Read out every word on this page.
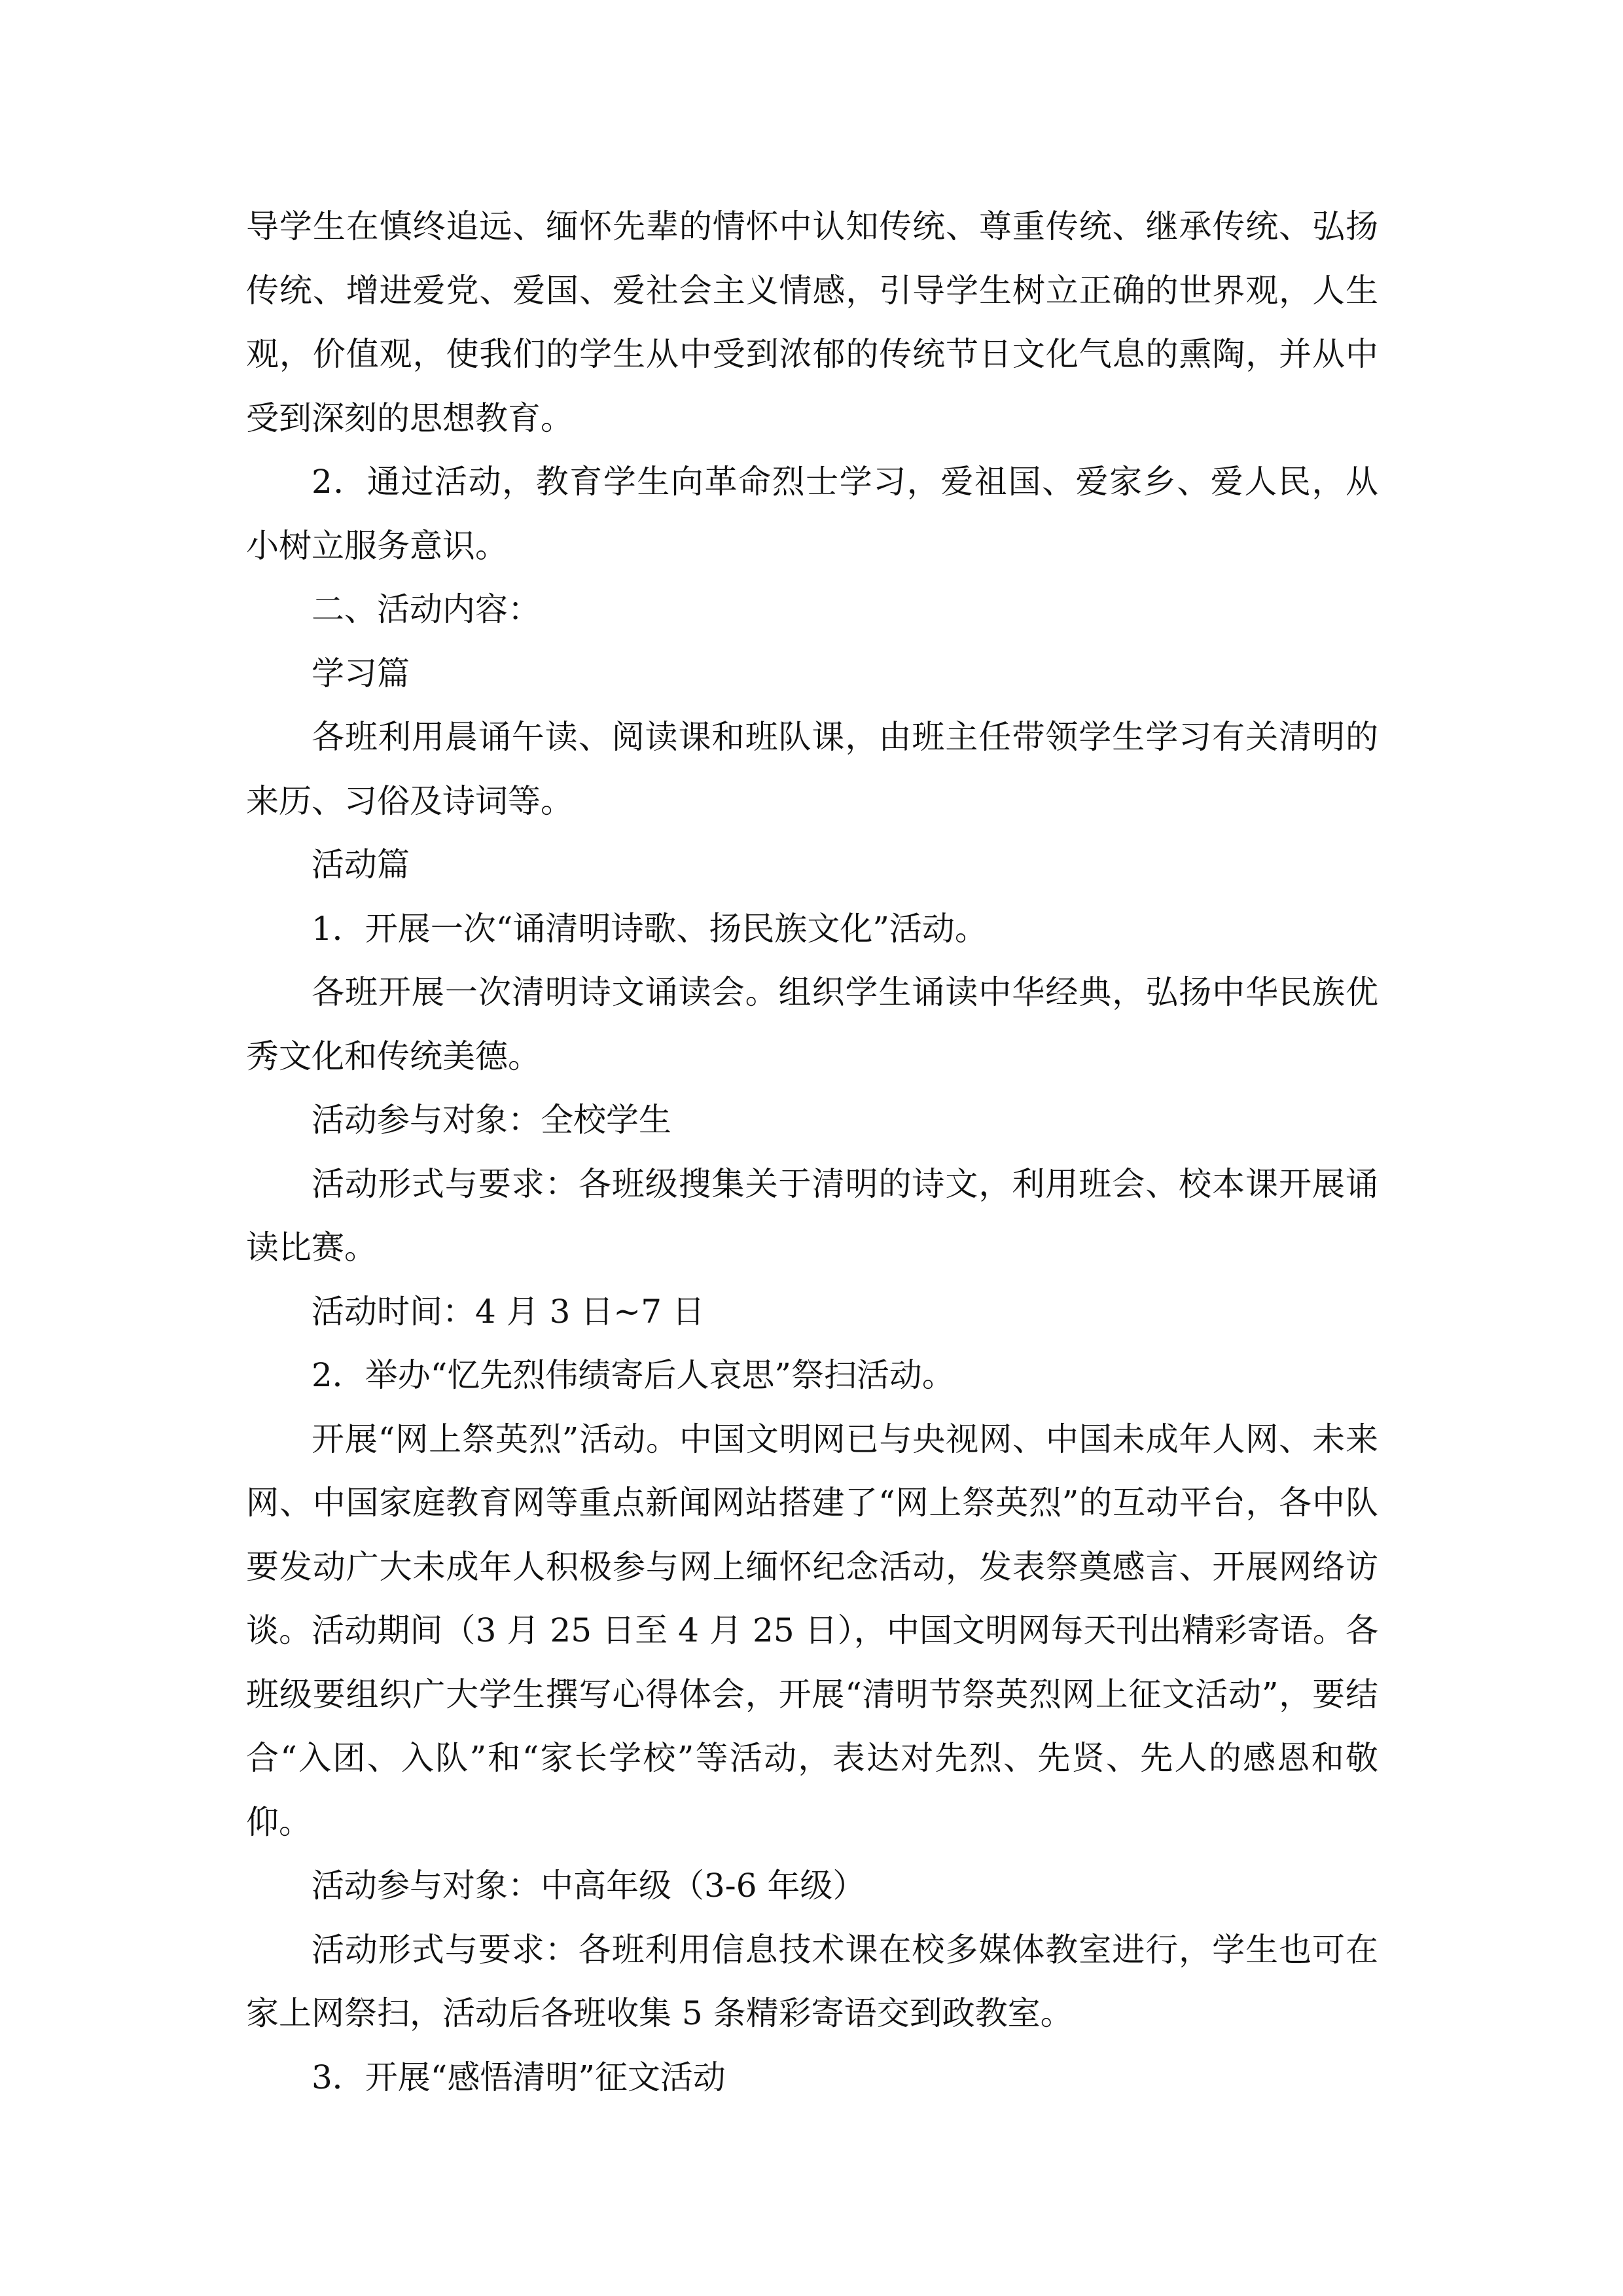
导学生在慎终追远、缅怀先辈的情怀中认知传统、尊重传统、继承传统、弘扬传统、增进爱党、爱国、爱社会主义情感，引导学生树立正确的世界观，人生观，价值观，使我们的学生从中受到浓郁的传统节日文化气息的熏陶，并从中受到深刻的思想教育。

2．通过活动，教育学生向革命烈士学习，爱祖国、爱家乡、爱人民，从小树立服务意识。

二、活动内容：

学习篇

各班利用晨诵午读、阅读课和班队课，由班主任带领学生学习有关清明的来历、习俗及诗词等。

活动篇

1．开展一次“诵清明诗歌、扬民族文化”活动。

各班开展一次清明诗文诵读会。组织学生诵读中华经典，弘扬中华民族优秀文化和传统美德。

活动参与对象：全校学生

活动形式与要求：各班级搜集关于清明的诗文，利用班会、校本课开展诵读比赛。

活动时间：4 月 3 日~7 日

2．举办“忆先烈伟绩寄后人哀思”祭扫活动。

开展“网上祭英烈”活动。中国文明网已与央视网、中国未成年人网、未来网、中国家庭教育网等重点新闻网站搭建了“网上祭英烈”的互动平台，各中队要发动广大未成年人积极参与网上缅怀纪念活动，发表祭奠感言、开展网络访谈。活动期间（3 月 25 日至 4 月 25 日），中国文明网每天刊出精彩寄语。各班级要组织广大学生撰写心得体会，开展“清明节祭英烈网上征文活动”，要结合“入团、入队”和“家长学校”等活动，表达对先烈、先贤、先人的感恩和敬仰。

活动参与对象：中高年级（3-6 年级）

活动形式与要求：各班利用信息技术课在校多媒体教室进行，学生也可在家上网祭扫，活动后各班收集 5 条精彩寄语交到政教室。

3．开展“感悟清明”征文活动
